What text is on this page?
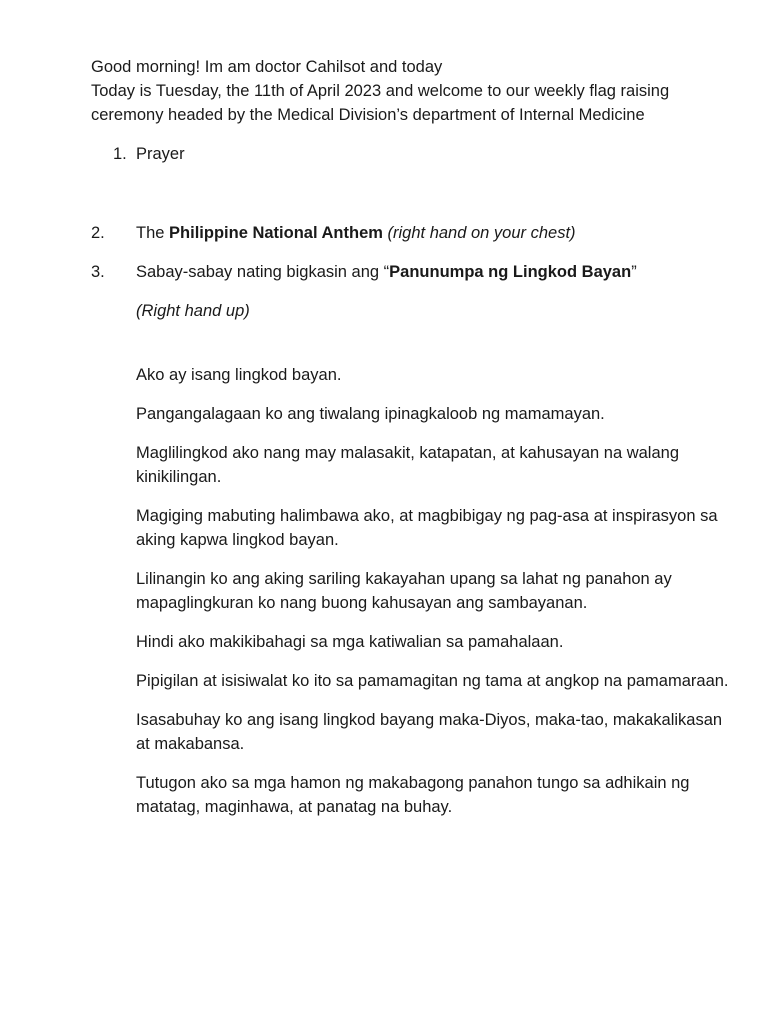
Good morning! Im am doctor Cahilsot and today
Today is Tuesday, the 11th of April 2023 and welcome to our weekly flag raising ceremony headed by the Medical Division’s department of Internal Medicine

1. Prayer
2. The Philippine National Anthem (right hand on your chest)
3. Sabay-sabay nating bigkasin ang “Panunumpa ng Lingkod Bayan”
(Right hand up)

Ako ay isang lingkod bayan.

Pangangalagaan ko ang tiwalang ipinagkaloob ng mamamayan.

Maglilingkod ako nang may malasakit, katapatan, at kahusayan na walang kinikilingan.

Magiging mabuting halimbawa ako, at magbibigay ng pag-asa at inspirasyon sa aking kapwa lingkod bayan.

Lilinangin ko ang aking sariling kakayahan upang sa lahat ng panahon ay mapaglingkuran ko nang buong kahusayan ang sambayanan.

Hindi ako makikibahagi sa mga katiwalian sa pamahalaan.

Pipigilan at isisiwalat ko ito sa pamamagitan ng tama at angkop na pamamaraan.

Isasabuhay ko ang isang lingkod bayang maka-Diyos, maka-tao, makakalikasan at makabansa.

Tutugon ako sa mga hamon ng makabagong panahon tungo sa adhikain ng matatag, maginhawa, at panatag na buhay.
